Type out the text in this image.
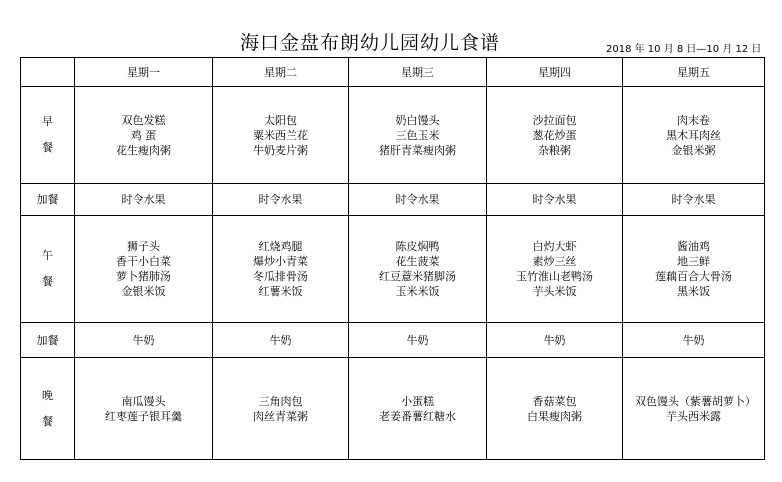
海口金盘布朗幼儿园幼儿食谱	2018 年 10 月 8 日—10 月 12 日
	星期一	星期二	星期三	星期四	星期五
早餐	双色发糕
鸡 蛋
花生瘦肉粥	太阳包
粟米西兰花
牛奶麦片粥	奶白馒头
三色玉米
猪肝青菜瘦肉粥	沙拉面包
葱花炒蛋
杂粮粥	肉末卷
黑木耳肉丝
金银米粥

加餐	时令水果	时令水果	时令水果	时令水果	时令水果

午餐	狮子头
香干小白菜
萝卜猪肺汤
金银米饭	红烧鸡腿
爆炒小青菜
冬瓜排骨汤
红薯米饭	陈皮焖鸭
花生菠菜
红豆薏米猪脚汤
玉米米饭	白灼大虾
素炒三丝
玉竹淮山老鸭汤
芋头米饭	酱油鸡
地三鲜
莲藕百合大骨汤
黑米饭

加餐	牛奶	牛奶	牛奶	牛奶	牛奶

晚餐	南瓜馒头
红枣莲子银耳羹	三角肉包
肉丝青菜粥	小蛋糕
老姜番薯红糖水	香菇菜包
白果瘦肉粥	双色馒头（紫薯胡萝卜）
芋头西米露
